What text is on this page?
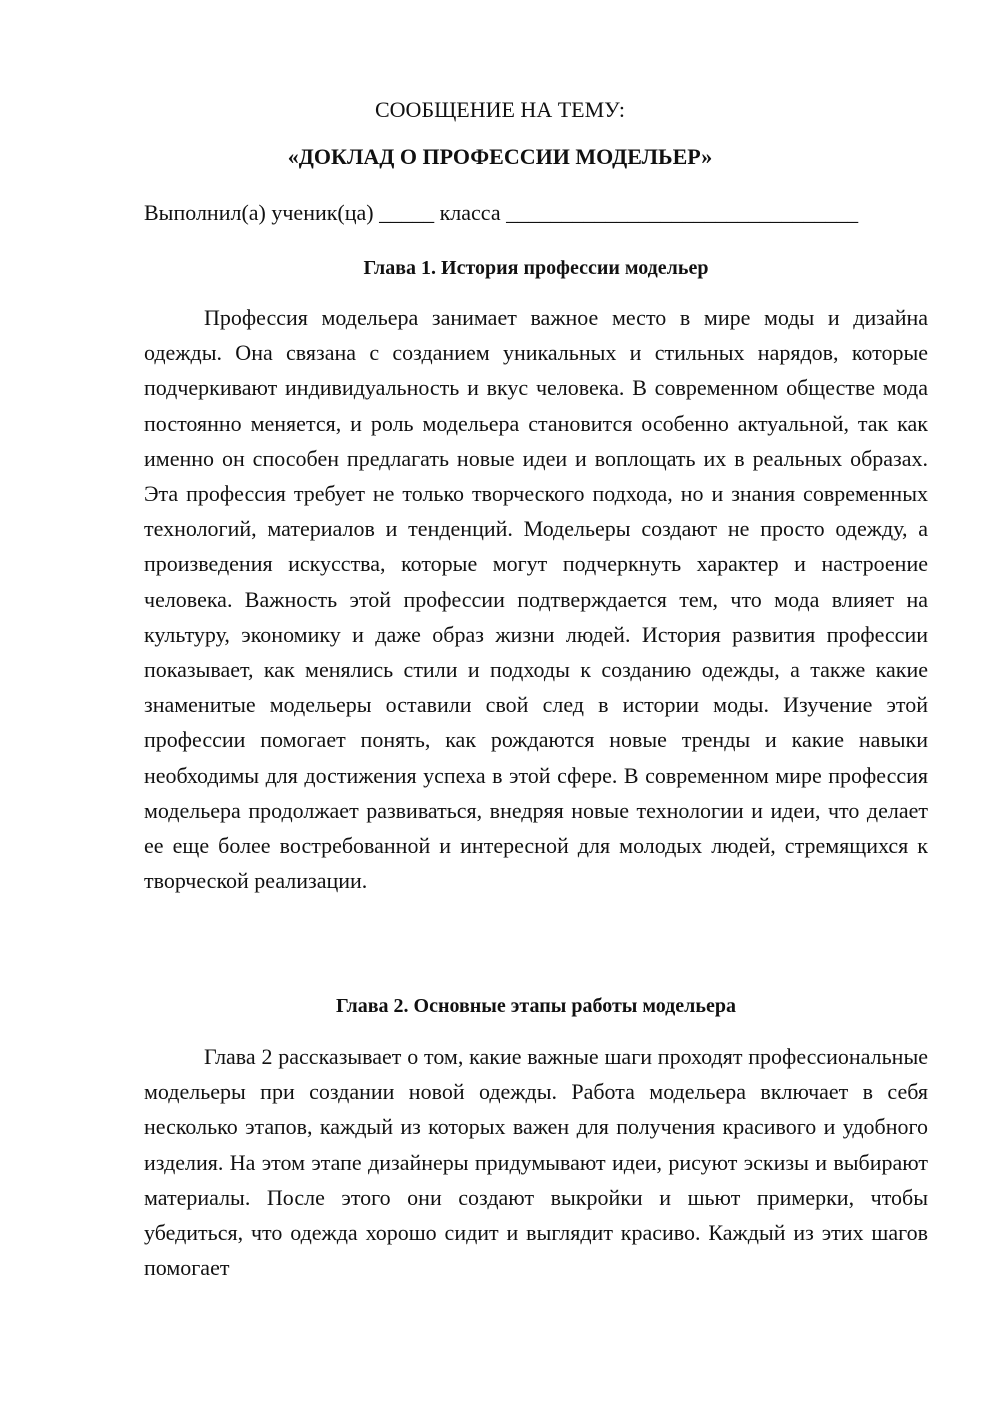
СООБЩЕНИЕ НА ТЕМУ:
«ДОКЛАД О ПРОФЕССИИ МОДЕЛЬЕР»
Выполнил(а) ученик(ца) _____ класса ________________________________
Глава 1. История профессии модельер

Профессия модельера занимает важное место в мире моды и дизайна одежды. Она связана с созданием уникальных и стильных нарядов, которые подчеркивают индивидуальность и вкус человека. В современном обществе мода постоянно меняется, и роль модельера становится особенно актуальной, так как именно он способен предлагать новые идеи и воплощать их в реальных образах. Эта профессия требует не только творческого подхода, но и знания современных технологий, материалов и тенденций. Модельеры создают не просто одежду, а произведения искусства, которые могут подчеркнуть характер и настроение человека. Важность этой профессии подтверждается тем, что мода влияет на культуру, экономику и даже образ жизни людей. История развития профессии показывает, как менялись стили и подходы к созданию одежды, а также какие знаменитые модельеры оставили свой след в истории моды. Изучение этой профессии помогает понять, как рождаются новые тренды и какие навыки необходимы для достижения успеха в этой сфере. В современном мире профессия модельера продолжает развиваться, внедряя новые технологии и идеи, что делает ее еще более востребованной и интересной для молодых людей, стремящихся к творческой реализации.

Глава 2. Основные этапы работы модельера

Глава 2 рассказывает о том, какие важные шаги проходят профессиональные модельеры при создании новой одежды. Работа модельера включает в себя несколько этапов, каждый из которых важен для получения красивого и удобного изделия. На этом этапе дизайнеры придумывают идеи, рисуют эскизы и выбирают материалы. После этого они создают выкройки и шьют примерки, чтобы убедиться, что одежда хорошо сидит и выглядит красиво. Каждый из этих шагов помогает
